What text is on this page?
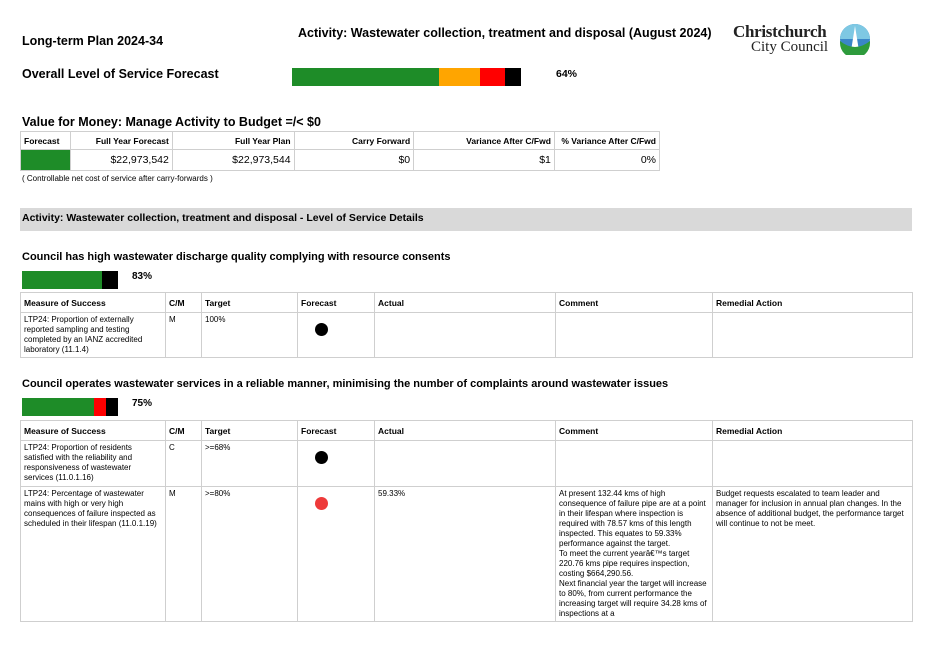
Long-term Plan 2024-34
Activity: Wastewater collection, treatment and disposal (August 2024)	Christchurch
City Council
Overall Level of Service Forecast	64%
Value for Money: Manage Activity to Budget =/< $0
Forecast	Full Year Forecast	Full Year Plan	Carry Forward	Variance After C/Fwd	% Variance After C/Fwd
	$22,973,542	$22,973,544	$0	$1	0%
( Controllable net cost of service after carry-forwards )
Activity: Wastewater collection, treatment and disposal - Level of Service Details
Council has high wastewater discharge quality complying with resource consents
83%
Measure of Success	C/M	Target	Forecast	Actual	Comment	Remedial Action
LTP24: Proportion of externally reported sampling and testing completed by an IANZ accredited laboratory (11.1.4)	M	100%	

Council operates wastewater services in a reliable manner, minimising the number of complaints around wastewater issues
75%
Measure of Success	C/M	Target	Forecast	Actual	Comment	Remedial Action
LTP24: Proportion of residents satisfied with the reliability and responsiveness of wastewater services (11.0.1.16)	C	>=68%	

LTP24: Percentage of wastewater mains with high or very high consequences of failure inspected as scheduled in their lifespan (11.0.1.19)	M	>=80%		59.33%	At present 132.44 kms of high consequence of failure pipe are at a point in their lifespan where inspection is required with 78.57 kms of this length inspected. This equates to 59.33% performance against the target.
To meet the current yearâ€™s target 220.76 kms pipe requires inspection, costing $664,290.56.
Next financial year the target will increase to 80%, from current performance the increasing target will require 34.28 kms of inspections at a	Budget requests escalated to team leader and manager for inclusion in annual plan changes. In the absence of additional budget, the performance target will continue to not be meet.
